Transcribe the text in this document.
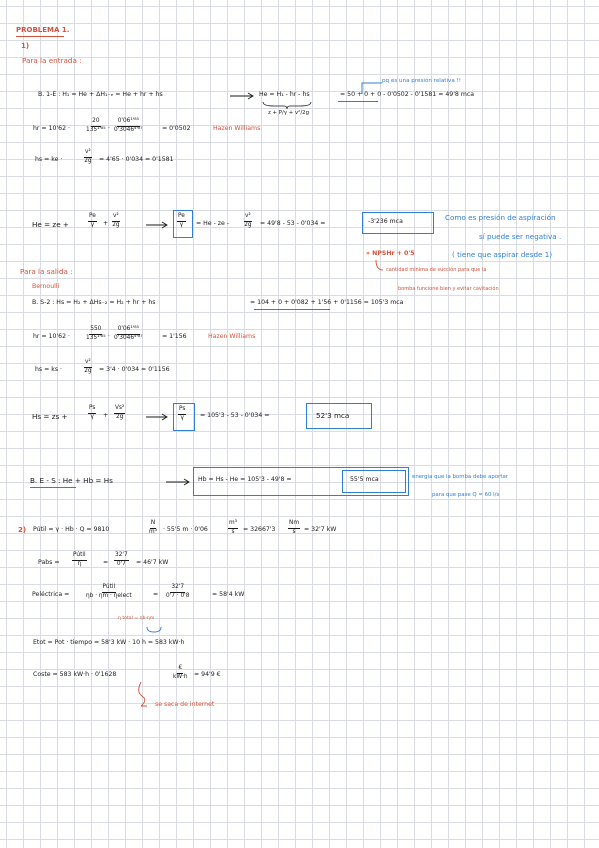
PROBLEMA 1.
1)
Para la entrada :
pq es una presión relativa !!
B. 1-E : H₁ = He + ΔH₁₋ₑ = He + hr + hs	He = H₁ - hr - hs	= 50 + 0 + 0 - 0'0502 - 0'1581 = 49'8 mca
z + P/γ + v²/2g
hr = 10'62 ·	$\frac{20}{\text{135¹'⁸⁵}} \cdot \frac{\text{0'06¹'⁸⁵}}{\text{0'3046⁴'⁸⁷}}$	= 0'0502	Hazen Williams
hs = ke ·	$\frac{\text{v²}}{2g} = 4'65 \cdot 0'034 = 0'1581$
He = ze +	$\frac{Pe}{\gamma} + \frac{\text{v²}}{2g}$	$\frac{Pe}{\gamma} = He$ - ze -	$\frac{\text{v²}}{2g} = 49'8 - 53 - 0'034$ =	-3'236 mca	Como es presión de aspiración
sí puede ser negativa .
» NPSHr + 0'5	( tiene que aspirar desde 1)
cantidad mínima de succión para que la
bomba funcione bien y evitar cavitación
Para la salida :
Bernoulli
B. S-2 : Hs = H₂ + ΔHs₋₂ = H₂ + hr + hs	= 104 + 0 + 0'082 + 1'56 + 0'1156 = 105'3 mca
hr = 10'62 ·	$\frac{550}{\text{135¹'⁸⁵}} \cdot \frac{\text{0'06¹'⁸⁵}}{\text{0'3046⁴'⁸⁷}}$	= 1'156	Hazen Williams
hs = ks ·	$\frac{\text{v²}}{2g} = 3'4 \cdot 0'034 = 0'1156$
Hs = zs +	$\frac{Ps}{\gamma} + \frac{\text{Vs²}}{2g}$	$\frac{Ps}{\gamma} = 105'3 - 53 - 0'034$ =	52'3 mca
B. E - S : He + Hb = Hs	Hb = Hs - He = 105'3 - 49'8 =	55'5 mca	energía que la bomba debe aportar
para que pase Q = 60 l/s
2) Pútil = γ · Hb · Q = 9810	$\frac{N}{\text{m³}} \cdot 55'5$ m · 0'06	$\frac{\text{m³}}{s} = 32667'3 \frac{Nm}{s} = 32'7$ kW
Pabs =
Pútil
η	= $\frac{32'7}{0'7} = 46'7$ kW
Peléctrica =
Pútil
ηb · ηm · ηelect	= $\frac{32'7}{0'7 \cdot 0'8}$	= 58'4 kW
η total = ηb·ηm
Etot = Pot · tiempo = 58'3 kW · 10 h = 583 kW·h
Coste = 583 kW·h · 0'1628
€
kW·h = 94'9 €
se saca de internet
